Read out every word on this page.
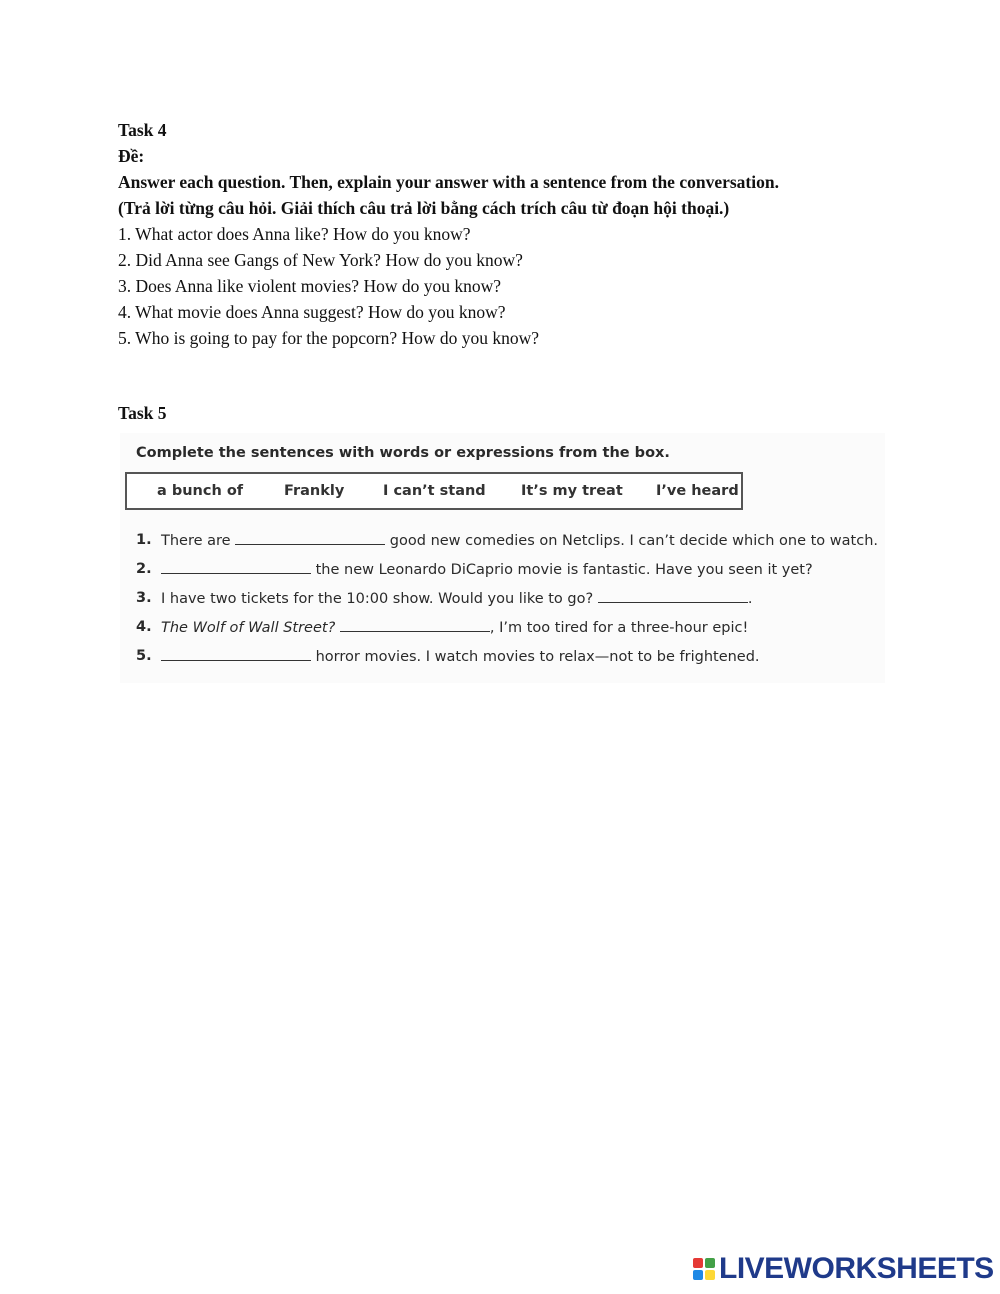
Task 4

Đề:

Answer each question. Then, explain your answer with a sentence from the conversation.

(Trả lời từng câu hỏi. Giải thích câu trả lời bằng cách trích câu từ đoạn hội thoại.)

1. What actor does Anna like? How do you know?

2. Did Anna see Gangs of New York? How do you know?

3. Does Anna like violent movies? How do you know?

4. What movie does Anna suggest? How do you know?

5. Who is going to pay for the popcorn? How do you know?

Task 5
Complete the sentences with words or expressions from the box.
a bunch of	Frankly	I can’t stand It’s my treat I’ve heard
1. There are	good new comedies on Netclips. I can’t decide which one to watch.
2.	the new Leonardo DiCaprio movie is fantastic. Have you seen it yet?
3. I have two tickets for the 10:00 show. Would you like to go?	.
4. The Wolf of Wall Street?	, I’m too tired for a three-hour epic!
5.	horror movies. I watch movies to relax—not to be frightened.
LIVEWORKSHEETS
